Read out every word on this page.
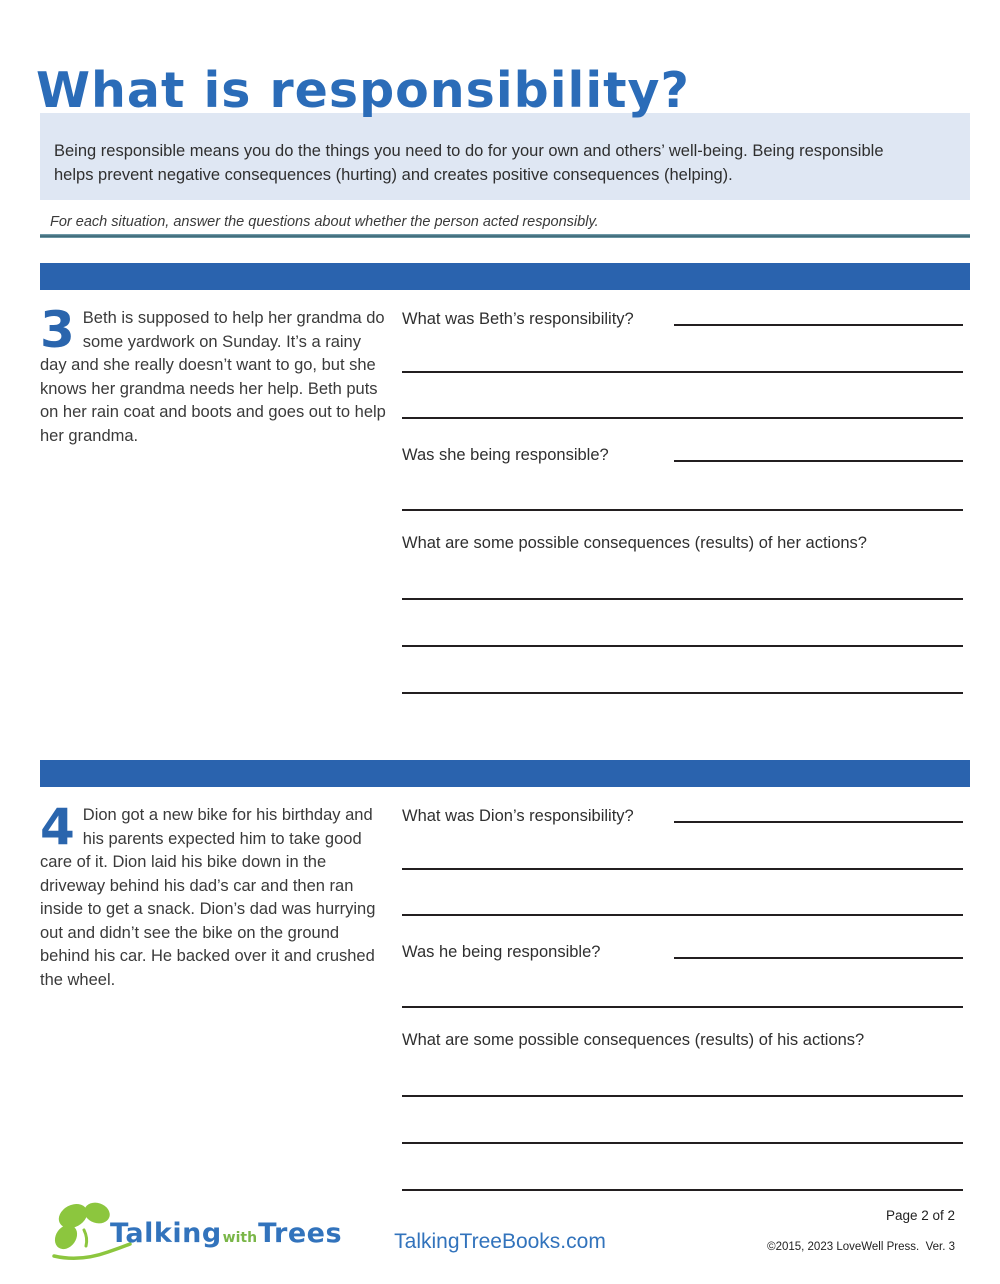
What is responsibility?

Being responsible means you do the things you need to do for your own and others’ well-being. Being responsible helps prevent negative consequences (hurting) and creates positive consequences (helping).

For each situation, answer the questions about whether the person acted responsibly.

3 Beth is supposed to help her grandma do some yardwork on Sunday. It’s a rainy day and she really doesn’t want to go, but she knows her grandma needs her help. Beth puts on her rain coat and boots and goes out to help her grandma.

What was Beth’s responsibility?
Was she being responsible?
What are some possible consequences (results) of her actions?

4 Dion got a new bike for his birthday and his parents expected him to take good care of it. Dion laid his bike down in the driveway behind his dad’s car and then ran inside to get a snack. Dion’s dad was hurrying out and didn’t see the bike on the ground behind his car. He backed over it and crushed the wheel.

What was Dion’s responsibility?
Was he being responsible?
What are some possible consequences (results) of his actions?
TalkingwithTrees	TalkingTreeBooks.com
Page 2 of 2
©2015, 2023 LoveWell Press.  Ver. 3
